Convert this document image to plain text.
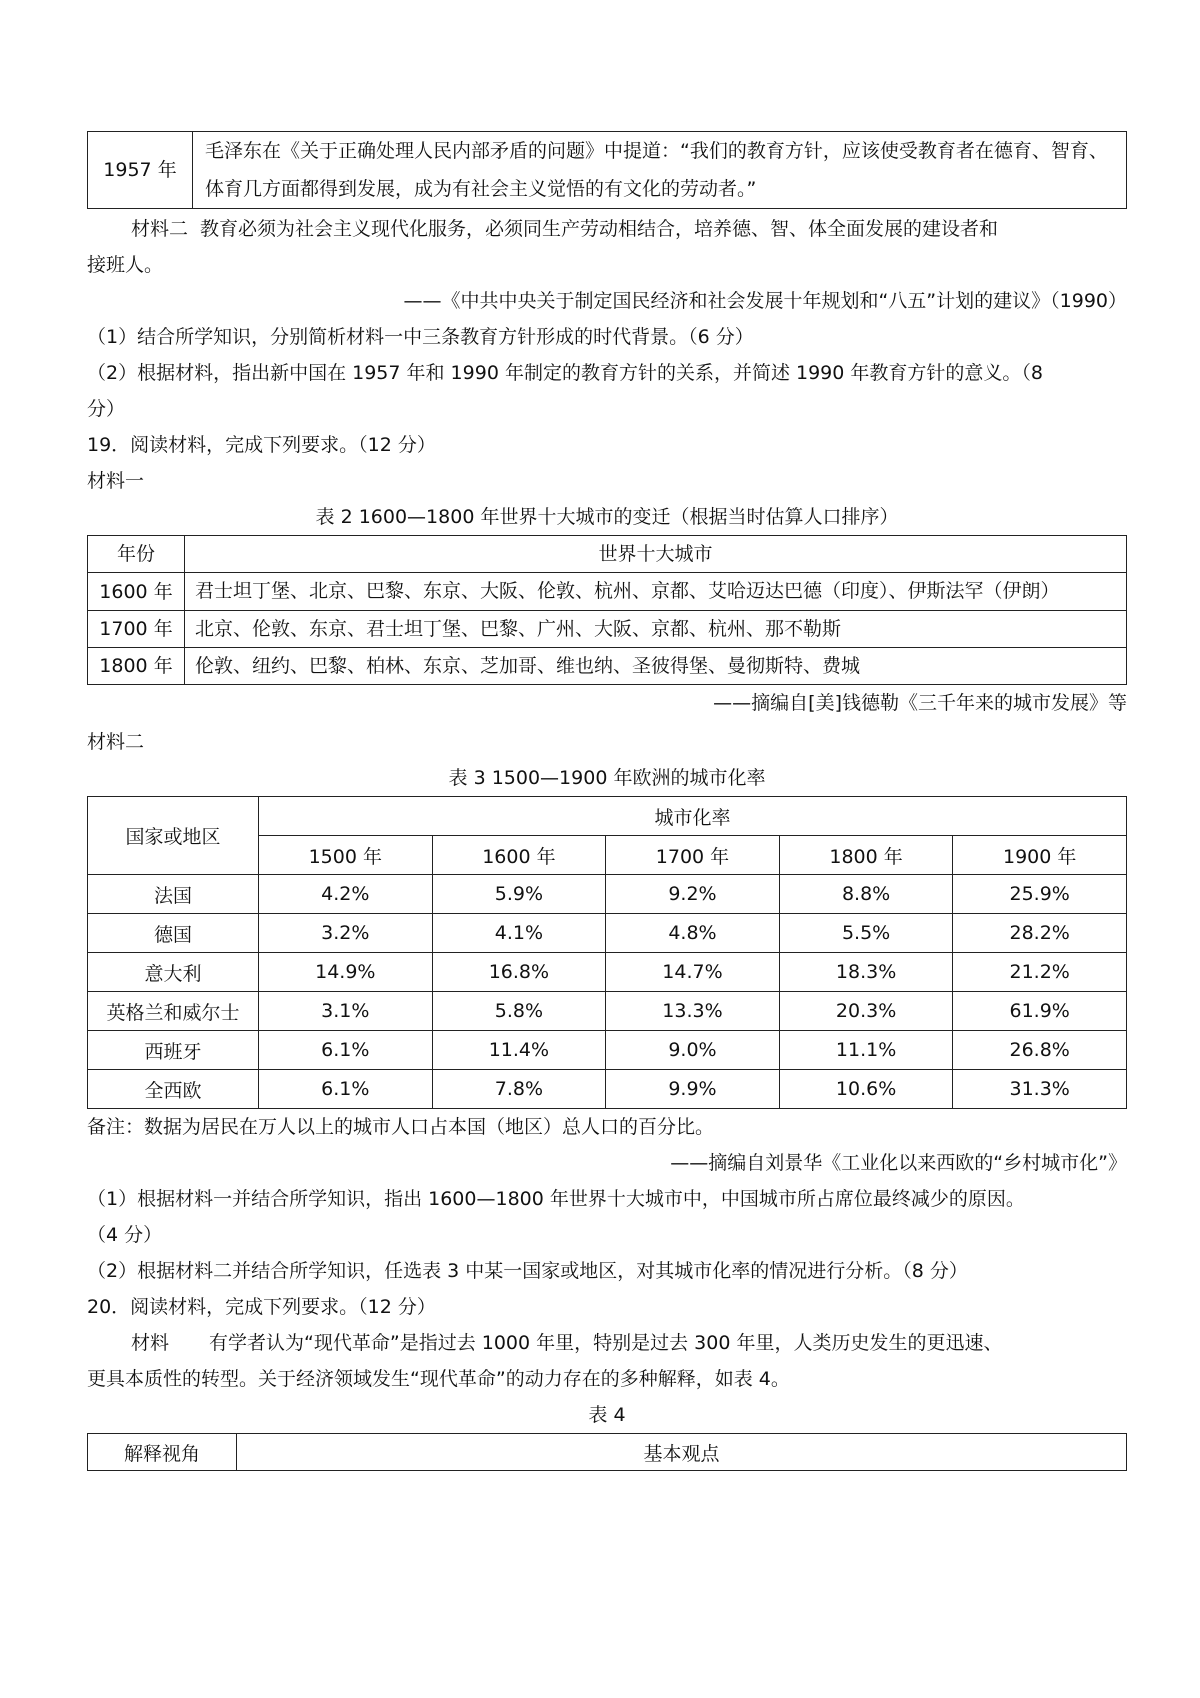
1957 年	毛泽东在《关于正确处理人民内部矛盾的问题》中提道：“我们的教育方针，应该使受教育者在德育、智育、体育几方面都得到发展，成为有社会主义觉悟的有文化的劳动者。”

材料二 教育必须为社会主义现代化服务，必须同生产劳动相结合，培养德、智、体全面发展的建设者和

接班人。

——《中共中央关于制定国民经济和社会发展十年规划和“八五”计划的建议》（1990）

（1）结合所学知识，分别简析材料一中三条教育方针形成的时代背景。（6 分）

（2）根据材料，指出新中国在 1957 年和 1990 年制定的教育方针的关系，并简述 1990 年教育方针的意义。（8

分）

19．阅读材料，完成下列要求。（12 分）

材料一

表 2 1600—1800 年世界十大城市的变迁（根据当时估算人口排序）

年份	世界十大城市
1600 年	君士坦丁堡、北京、巴黎、东京、大阪、伦敦、杭州、京都、艾哈迈达巴德（印度）、伊斯法罕（伊朗）
1700 年	北京、伦敦、东京、君士坦丁堡、巴黎、广州、大阪、京都、杭州、那不勒斯
1800 年	伦敦、纽约、巴黎、柏林、东京、芝加哥、维也纳、圣彼得堡、曼彻斯特、费城

——摘编自[美]钱德勒《三千年来的城市发展》等

材料二

表 3 1500—1900 年欧洲的城市化率

国家或地区	城市化率				
	1500 年	1600 年	1700 年	1800 年	1900 年
法国	4.2%	5.9%	9.2%	8.8%	25.9%
德国	3.2%	4.1%	4.8%	5.5%	28.2%
意大利	14.9%	16.8%	14.7%	18.3%	21.2%
英格兰和威尔士	3.1%	5.8%	13.3%	20.3%	61.9%
西班牙	6.1%	11.4%	9.0%	11.1%	26.8%
全西欧	6.1%	7.8%	9.9%	10.6%	31.3%

备注：数据为居民在万人以上的城市人口占本国（地区）总人口的百分比。

——摘编自刘景华《工业化以来西欧的“乡村城市化”》

（1）根据材料一并结合所学知识，指出 1600—1800 年世界十大城市中，中国城市所占席位最终减少的原因。

（4 分）

（2）根据材料二并结合所学知识，任选表 3 中某一国家或地区，对其城市化率的情况进行分析。（8 分）

20．阅读材料，完成下列要求。（12 分）

材料 有学者认为“现代革命”是指过去 1000 年里，特别是过去 300 年里，人类历史发生的更迅速、

更具本质性的转型。关于经济领域发生“现代革命”的动力存在的多种解释，如表 4。

表 4

解释视角	基本观点
